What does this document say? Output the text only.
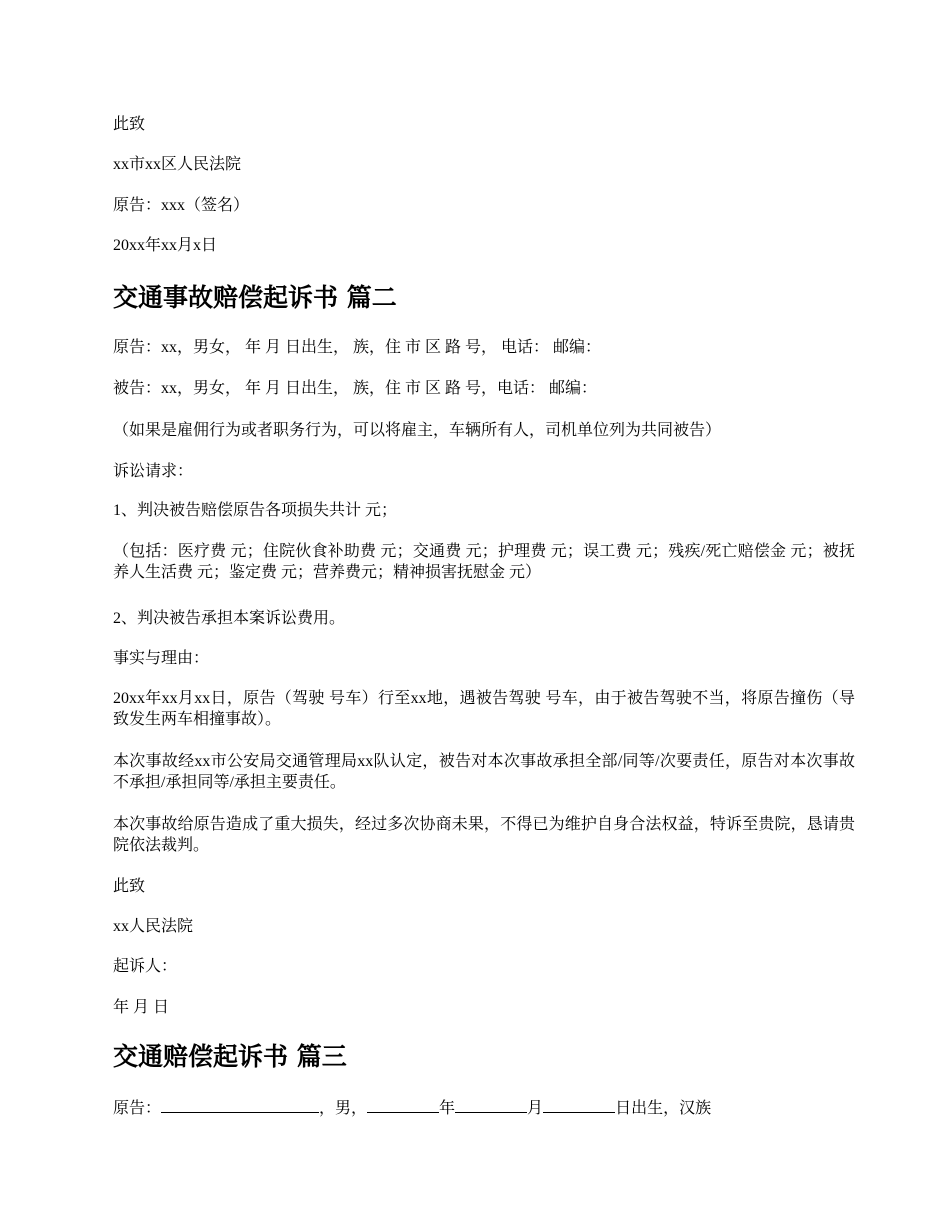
此致

xx市xx区人民法院

原告：xxx（签名）

20xx年xx月x日

交通事故赔偿起诉书 篇二

原告：xx，男女， 年 月 日出生， 族，住 市 区 路 号， 电话： 邮编：

被告：xx，男女， 年 月 日出生， 族，住 市 区 路 号，电话： 邮编：

（如果是雇佣行为或者职务行为，可以将雇主，车辆所有人，司机单位列为共同被告）

诉讼请求：

1、判决被告赔偿原告各项损失共计 元；

（包括：医疗费 元；住院伙食补助费 元；交通费 元；护理费 元；误工费 元；残疾/死亡赔偿金 元；被抚养人生活费 元；鉴定费 元；营养费元；精神损害抚慰金 元）

2、判决被告承担本案诉讼费用。

事实与理由：

20xx年xx月xx日，原告（驾驶 号车）行至xx地，遇被告驾驶 号车，由于被告驾驶不当，将原告撞伤（导致发生两车相撞事故）。

本次事故经xx市公安局交通管理局xx队认定，被告对本次事故承担全部/同等/次要责任，原告对本次事故不承担/承担同等/承担主要责任。

本次事故给原告造成了重大损失，经过多次协商未果，不得已为维护自身合法权益，特诉至贵院，恳请贵院依法裁判。

此致

xx人民法院

起诉人：

年 月 日

交通赔偿起诉书 篇三

原告：	，男，	年	月	日出生，汉族
